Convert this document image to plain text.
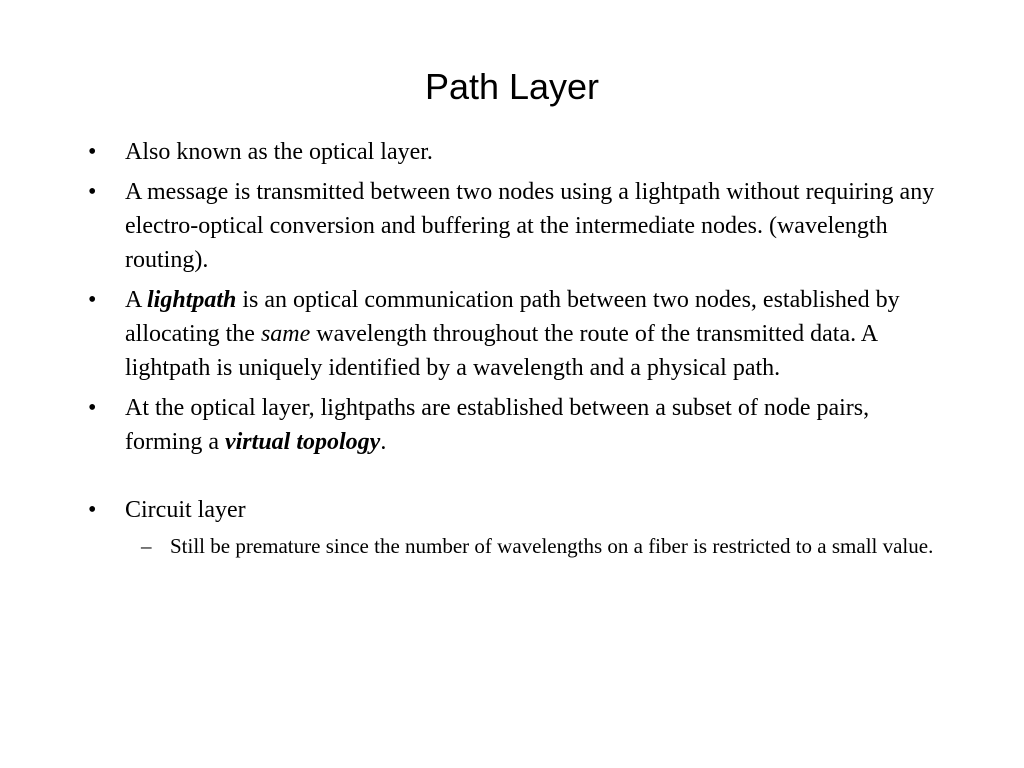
Path Layer
• Also known as the optical layer.
• A message is transmitted between two nodes using a lightpath without requiring any electro-optical conversion and buffering at the intermediate nodes. (wavelength routing).
• A lightpath is an optical communication path between two nodes, established by allocating the same wavelength throughout the route of the transmitted data. A lightpath is uniquely identified by a wavelength and a physical path.
• At the optical layer, lightpaths are established between a subset of node pairs, forming a virtual topology.
• Circuit layer
– Still be premature since the number of wavelengths on a fiber is restricted to a small value.
